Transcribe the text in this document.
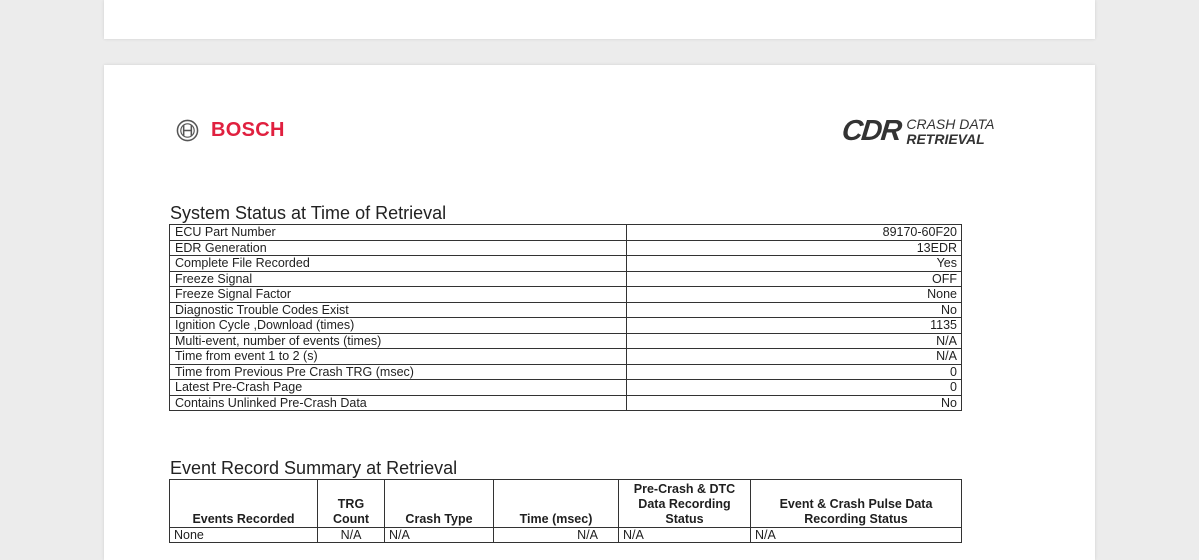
BOSCH	CDR CRASH DATA
RETRIEVAL
System Status at Time of Retrieval
ECU Part Number	89170-60F20
EDR Generation	13EDR
Complete File Recorded	Yes
Freeze Signal	OFF
Freeze Signal Factor	None
Diagnostic Trouble Codes Exist	No
Ignition Cycle ,Download (times)	1135
Multi-event, number of events (times)	N/A
Time from event 1 to 2 (s)	N/A
Time from Previous Pre Crash TRG (msec)	0
Latest Pre-Crash Page	0
Contains Unlinked Pre-Crash Data	No
Event Record Summary at Retrieval
Events Recorded	TRG Count	Crash Type	Time (msec)	Pre-Crash & DTC Data Recording Status	Event & Crash Pulse Data Recording Status
None	N/A	N/A	N/A	N/A	N/A
